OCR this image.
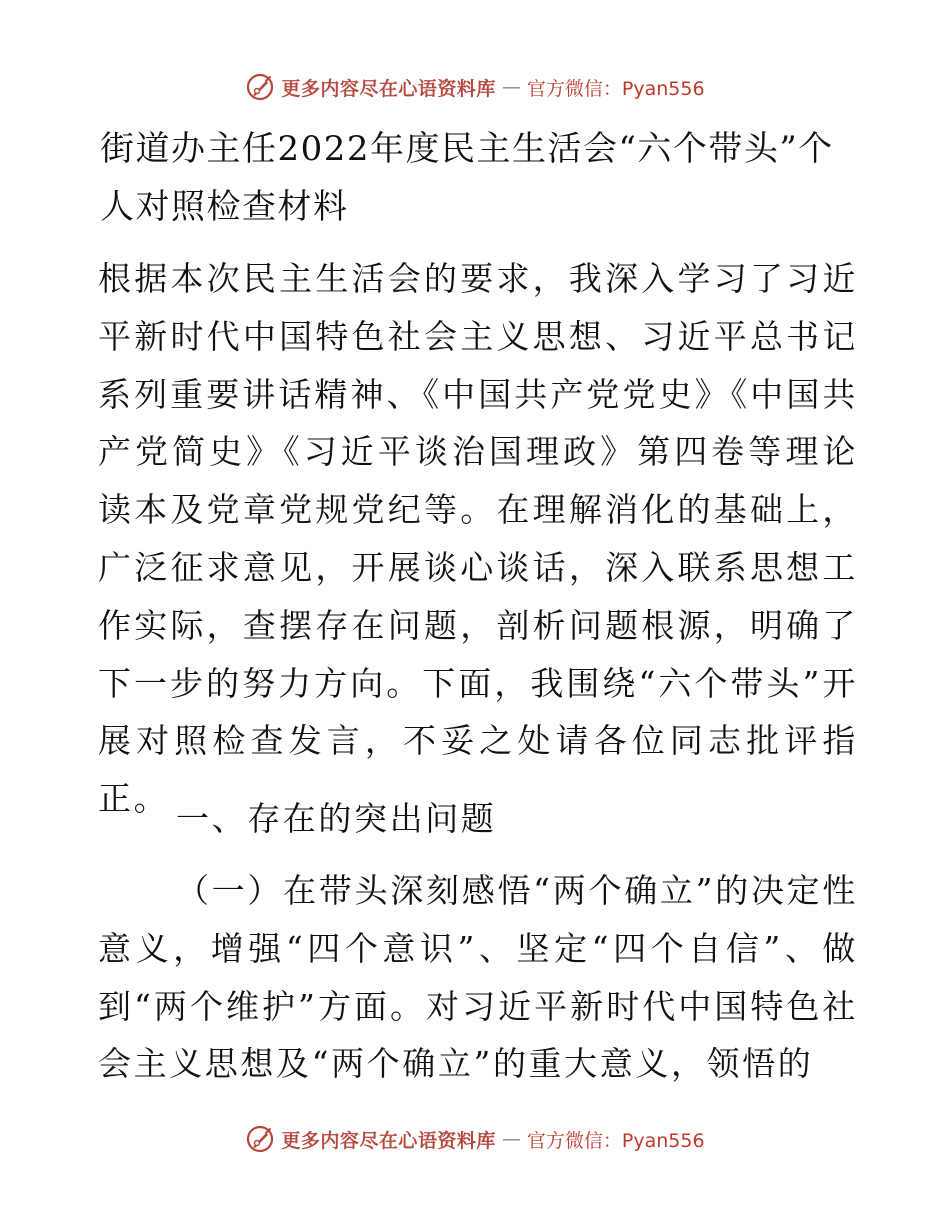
更多内容尽在心语资料库 — 官方微信：Pyan556
街道办主任2022年度民主生活会“六个带头”个人对照检查材料

根据本次民主生活会的要求，我深入学习了习近平新时代中国特色社会主义思想、习近平总书记系列重要讲话精神、《中国共产党党史》《中国共产党简史》《习近平谈治国理政》第四卷等理论读本及党章党规党纪等。在理解消化的基础上，广泛征求意见，开展谈心谈话，深入联系思想工作实际，查摆存在问题，剖析问题根源，明确了下一步的努力方向。下面，我围绕“六个带头”开展对照检查发言，不妥之处请各位同志批评指正。

一、存在的突出问题

（一）在带头深刻感悟“两个确立”的决定性意义，增强“四个意识”、坚定“四个自信”、做到“两个维护”方面。对习近平新时代中国特色社会主义思想及“两个确立”的重大意义，领悟的

更多内容尽在心语资料库 — 官方微信：Pyan556
